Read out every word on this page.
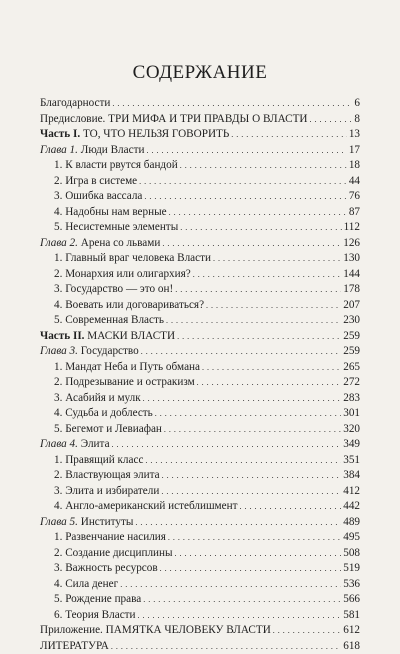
СОДЕРЖАНИЕ
Благодарности . . .	6
Предисловие. ТРИ МИФА И ТРИ ПРАВДЫ О ВЛАСТИ . . .	8
Часть I. ТО, ЧТО НЕЛЬЗЯ ГОВОРИТЬ . . .	13
Глава 1. Люди Власти . . .	17
1. К власти рвутся бандой . . .	18
2. Игра в системе . . .	44
3. Ошибка вассала . . .	76
4. Надобны нам верные . . .	87
5. Несистемные элементы . . .	112
Глава 2. Арена со львами . . .	126
1. Главный враг человека Власти . . .	130
2. Монархия или олигархия? . . .	144
3. Государство — это он! . . .	178
4. Воевать или договариваться? . . .	207
5. Современная Власть . . .	230
Часть II. МАСКИ ВЛАСТИ . . .	259
Глава 3. Государство . . .	259
1. Мандат Неба и Путь обмана . . .	265
2. Подрезывание и остракизм . . .	272
3. Асабийя и мулк . . .	283
4. Судьба и доблесть . . .	301
5. Бегемот и Левиафан . . .	320
Глава 4. Элита . . .	349
1. Правящий класс . . .	351
2. Властвующая элита . . .	384
3. Элита и избиратели . . .	412
4. Англо-американский истеблишмент . . .	442
Глава 5. Институты . . .	489
1. Развенчание насилия . . .	495
2. Создание дисциплины . . .	508
3. Важность ресурсов . . .	519
4. Сила денег . . .	536
5. Рождение права . . .	566
6. Теория Власти . . .	581
Приложение. ПАМЯТКА ЧЕЛОВЕКУ ВЛАСТИ . . .	612
ЛИТЕРАТУРА . . .	618
